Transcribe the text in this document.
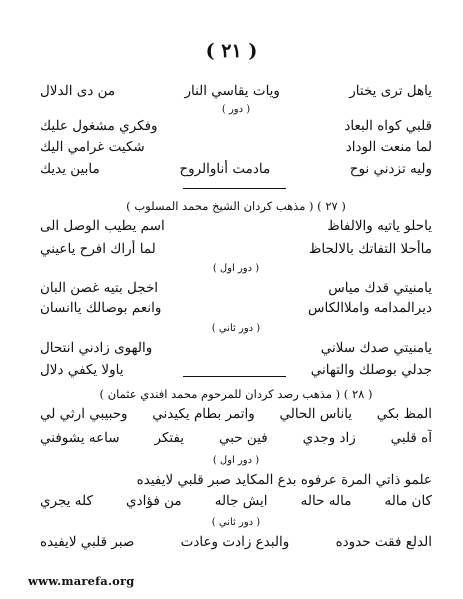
( ٢١ )
ياهل ترى يختار
ويات يقاسي النار
من دى الدلال
( دور )
قلبي كواه البعاد
وفكري مشغول عليك
لما منعت الوداد
شكيت غرامي اليك
وليه تزدني نوح
مادمت أناوالروح
مابين يديك
( ٢٧ ) ( مذهب كردان الشيخ محمد المسلوب )
ياحلو ياتيه والالفاظ
اسم يطيب الوصل الى
ماأحلا التفاتك بالالحاظ
لما أراك افرح ياعيني
( دور اول )
يامنيتي قدك مياس
اخجل بتيه غصن البان
ديرالمدامه واملاالكاس
وانعم بوصالك ياانسان
( دور ثاني )
يامنيتي صدك سلاني
والهوى زادني انتحال
جدلي بوصلك والتهاني
ياولا يكفي دلال
( ٢٨ ) ( مذهب رصد كردان للمرحوم محمد افندي عثمان )
المظ بكي
ياناس الحالي
واتمر بطام يكيدني
وحبيبي ارثي لي
آه قلبي
زاد وجدي
فين حبي
يفتكر
ساعه يشوفني
( دور اول )
علمو ذاتي المرة عرفوه بدع المكايد صبر قلبي لايفيده
كان ماله
ماله حاله
ايش جاله
من فؤادي
كله يجري
( دور ثاني )
الدلع فقت حدوده
والبدع زادت وعادت
صبر قلبي لايفيده
www.marefa.org
